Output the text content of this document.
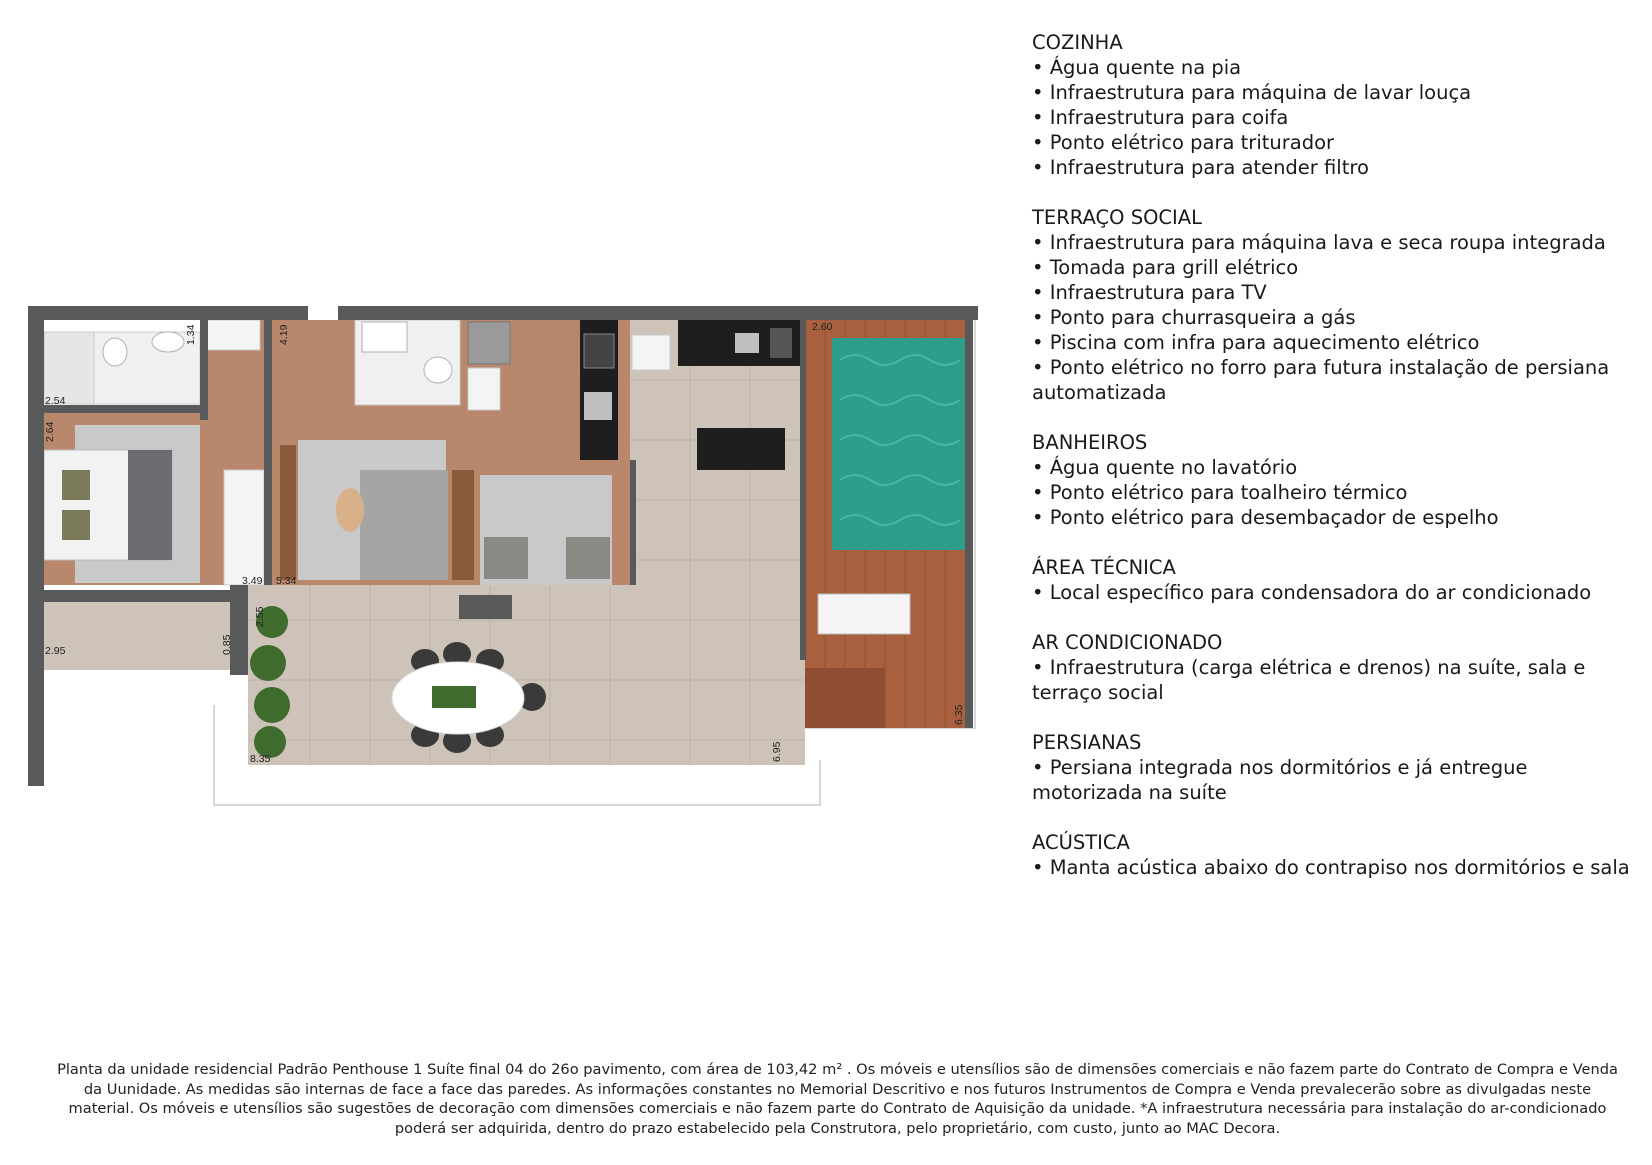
2.54
1.34
2.64
3.49
4.19
5.34
2.95	0.85
2.55
8.35	6.95
2.60
6.35
COZINHA
• Água quente na pia
• Infraestrutura para máquina de lavar louça
• Infraestrutura para coifa
• Ponto elétrico para triturador
• Infraestrutura para atender filtro
TERRAÇO SOCIAL
• Infraestrutura para máquina lava e seca roupa integrada
• Tomada para grill elétrico
• Infraestrutura para TV
• Ponto para churrasqueira a gás
• Piscina com infra para aquecimento elétrico
• Ponto elétrico no forro para futura instalação de persiana automatizada
BANHEIROS
• Água quente no lavatório
• Ponto elétrico para toalheiro térmico
• Ponto elétrico para desembaçador de espelho
ÁREA TÉCNICA
• Local específico para condensadora do ar condicionado
AR CONDICIONADO
• Infraestrutura (carga elétrica e drenos) na suíte, sala e terraço social
PERSIANAS
• Persiana integrada nos dormitórios e já entregue motorizada na suíte
ACÚSTICA
• Manta acústica abaixo do contrapiso nos dormitórios e sala
Planta da unidade residencial Padrão Penthouse 1 Suíte final 04 do 26o pavimento, com área de 103,42 m² . Os móveis e utensílios são de dimensões comerciais e não fazem parte do Contrato de Compra e Venda da Uunidade. As medidas são internas de face a face das paredes. As informações constantes no Memorial Descritivo e nos futuros Instrumentos de Compra e Venda prevalecerão sobre as divulgadas neste material. Os móveis e utensílios são sugestões de decoração com dimensões comerciais e não fazem parte do Contrato de Aquisição da unidade. *A infraestrutura necessária para instalação do ar-condicionado poderá ser adquirida, dentro do prazo estabelecido pela Construtora, pelo proprietário, com custo, junto ao MAC Decora.
